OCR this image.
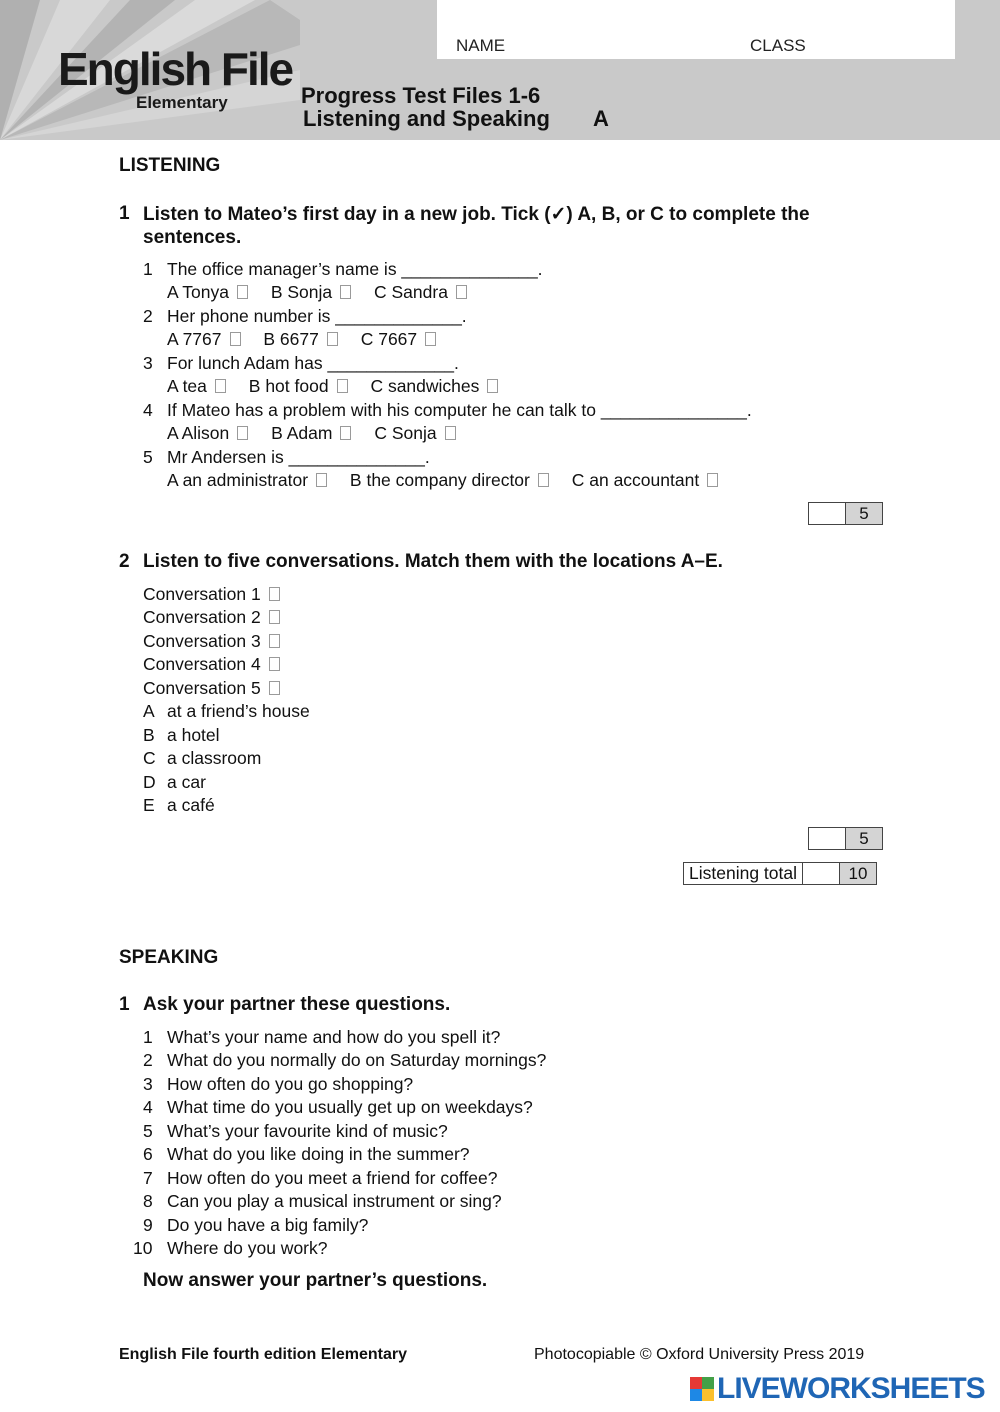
English File
Elementary
NAME	CLASS
Progress Test Files 1-6
Listening and Speaking A
LISTENING
1 Listen to Mateo’s first day in a new job. Tick (✓) A, B, or C to complete the
sentences.
1 The office manager’s name is ______________.
A Tonya B Sonja C Sandra
2 Her phone number is _____________.
A 7767 B 6677 C 7667
3 For lunch Adam has _____________.
A tea B hot food C sandwiches
4 If Mateo has a problem with his computer he can talk to _______________.
A Alison B Adam C Sonja
5 Mr Andersen is ______________.
A an administrator B the company director C an accountant
5
2 Listen to five conversations. Match them with the locations A–E.
Conversation 1
Conversation 2
Conversation 3
Conversation 4
Conversation 5
A at a friend’s house
B a hotel
C a classroom
D a car
E a café
5
Listening total	10
SPEAKING
1 Ask your partner these questions.
1 What’s your name and how do you spell it?
2 What do you normally do on Saturday mornings?
3 How often do you go shopping?
4 What time do you usually get up on weekdays?
5 What’s your favourite kind of music?
6 What do you like doing in the summer?
7 How often do you meet a friend for coffee?
8 Can you play a musical instrument or sing?
9 Do you have a big family?
10 Where do you work?
Now answer your partner’s questions.
English File fourth edition Elementary	Photocopiable © Oxford University Press 2019
LIVEWORKSHEETS
